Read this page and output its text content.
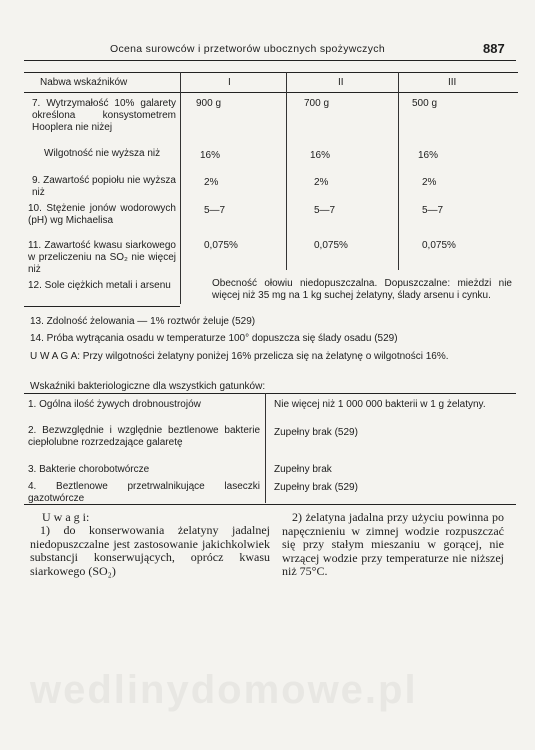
wedlinydomowe.pl
Ocena surowców i przetworów ubocznych spożywczych	887
Nabwa wskaźników	I	II	III
7. Wytrzymałość 10% galarety określona konsystometrem Hooplera nie niżej
900 g	700 g	500 g
Wilgotność nie wyższa niż	16%	16%	16%
9. Zawartość popiołu nie wyższa niż
2%	2%	2%
10. Stężenie jonów wodorowych (pH) wg Michaelisa
5—7	5—7	5—7
11. Zawartość kwasu siarkowego w przeliczeniu na SO₂ nie więcej niż
0,075%	0,075%	0,075%
12. Sole ciężkich metali i arsenu	Obecność ołowiu niedopuszczalna. Dopuszczalne: mieżdzi nie więcej niż 35 mg na 1 kg suchej żelatyny, ślady arsenu i cynku.
13. Zdolność żelowania — 1% roztwór żeluje (529)
14. Próba wytrącania osadu w temperaturze 100° dopuszcza się ślady osadu (529)
U W A G A: Przy wilgotności żelatyny poniżej 16% przelicza się na żelatynę o wilgotności 16%.
Wskaźniki bakteriologiczne dla wszystkich gatunków:
1. Ogólna ilość żywych drobnoustrojów	Nie więcej niż 1 000 000 bakterii w 1 g żelatyny.
2. Bezwzględnie i względnie beztlenowe bakterie ciepłolubne rozrzedzające galaretę
Zupełny brak (529)
3. Bakterie chorobotwórcze	Zupełny brak
4. Beztlenowe przetrwalnikujące laseczki gazotwórcze
Zupełny brak (529)
U w a g i:
1) do konserwowania żelatyny jadalnej niedopuszczalne jest zastosowanie jakichkolwiek substancji konserwujących, oprócz kwasu siarkowego (SO₂)
2) żelatyna jadalna przy użyciu powinna po napęcznieniu w zimnej wodzie rozpuszczać się przy stałym mieszaniu w gorącej, nie wrzącej wodzie przy temperaturze nie niższej niż 75°C.
